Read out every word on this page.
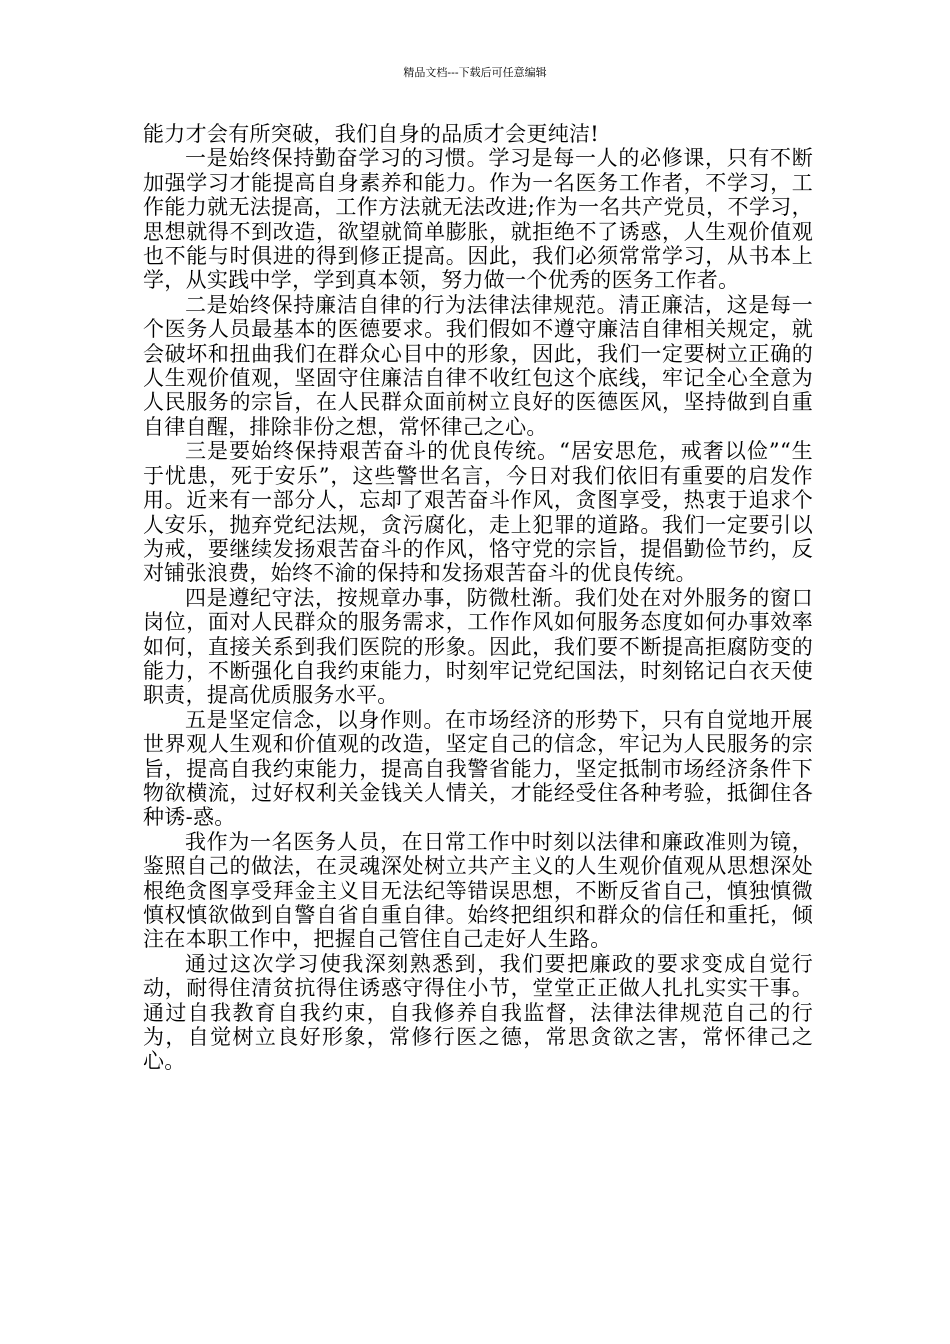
精品文档---下载后可任意编辑

能力才会有所突破，我们自身的品质才会更纯洁!

一是始终保持勤奋学习的习惯。学习是每一人的必修课，只有不断加强学习才能提高自身素养和能力。作为一名医务工作者，不学习，工作能力就无法提高，工作方法就无法改进;作为一名共产党员，不学习，思想就得不到改造，欲望就简单膨胀，就拒绝不了诱惑，人生观价值观也不能与时俱进的得到修正提高。因此，我们必须常常学习，从书本上学，从实践中学，学到真本领，努力做一个优秀的医务工作者。

二是始终保持廉洁自律的行为法律法律规范。清正廉洁，这是每一个医务人员最基本的医德要求。我们假如不遵守廉洁自律相关规定，就会破坏和扭曲我们在群众心目中的形象，因此，我们一定要树立正确的人生观价值观，坚固守住廉洁自律不收红包这个底线，牢记全心全意为人民服务的宗旨，在人民群众面前树立良好的医德医风，坚持做到自重自律自醒，排除非份之想，常怀律己之心。

三是要始终保持艰苦奋斗的优良传统。“居安思危，戒奢以俭”“生于忧患，死于安乐”，这些警世名言，今日对我们依旧有重要的启发作用。近来有一部分人，忘却了艰苦奋斗作风，贪图享受，热衷于追求个人安乐，抛弃党纪法规，贪污腐化，走上犯罪的道路。我们一定要引以为戒，要继续发扬艰苦奋斗的作风，恪守党的宗旨，提倡勤俭节约，反对铺张浪费，始终不渝的保持和发扬艰苦奋斗的优良传统。

四是遵纪守法，按规章办事，防微杜渐。我们处在对外服务的窗口岗位，面对人民群众的服务需求，工作作风如何服务态度如何办事效率如何，直接关系到我们医院的形象。因此，我们要不断提高拒腐防变的能力，不断强化自我约束能力，时刻牢记党纪国法，时刻铭记白衣天使职责，提高优质服务水平。

五是坚定信念，以身作则。在市场经济的形势下，只有自觉地开展世界观人生观和价值观的改造，坚定自己的信念，牢记为人民服务的宗旨，提高自我约束能力，提高自我警省能力，坚定抵制市场经济条件下物欲横流，过好权利关金钱关人情关，才能经受住各种考验，抵御住各种诱-惑。

我作为一名医务人员，在日常工作中时刻以法律和廉政准则为镜，鉴照自己的做法，在灵魂深处树立共产主义的人生观价值观从思想深处根绝贪图享受拜金主义目无法纪等错误思想，不断反省自己，慎独慎微慎权慎欲做到自警自省自重自律。始终把组织和群众的信任和重托，倾注在本职工作中，把握自己管住自己走好人生路。

通过这次学习使我深刻熟悉到，我们要把廉政的要求变成自觉行动，耐得住清贫抗得住诱惑守得住小节，堂堂正正做人扎扎实实干事。通过自我教育自我约束，自我修养自我监督，法律法律规范自己的行为，自觉树立良好形象，常修行医之德，常思贪欲之害，常怀律己之心。
